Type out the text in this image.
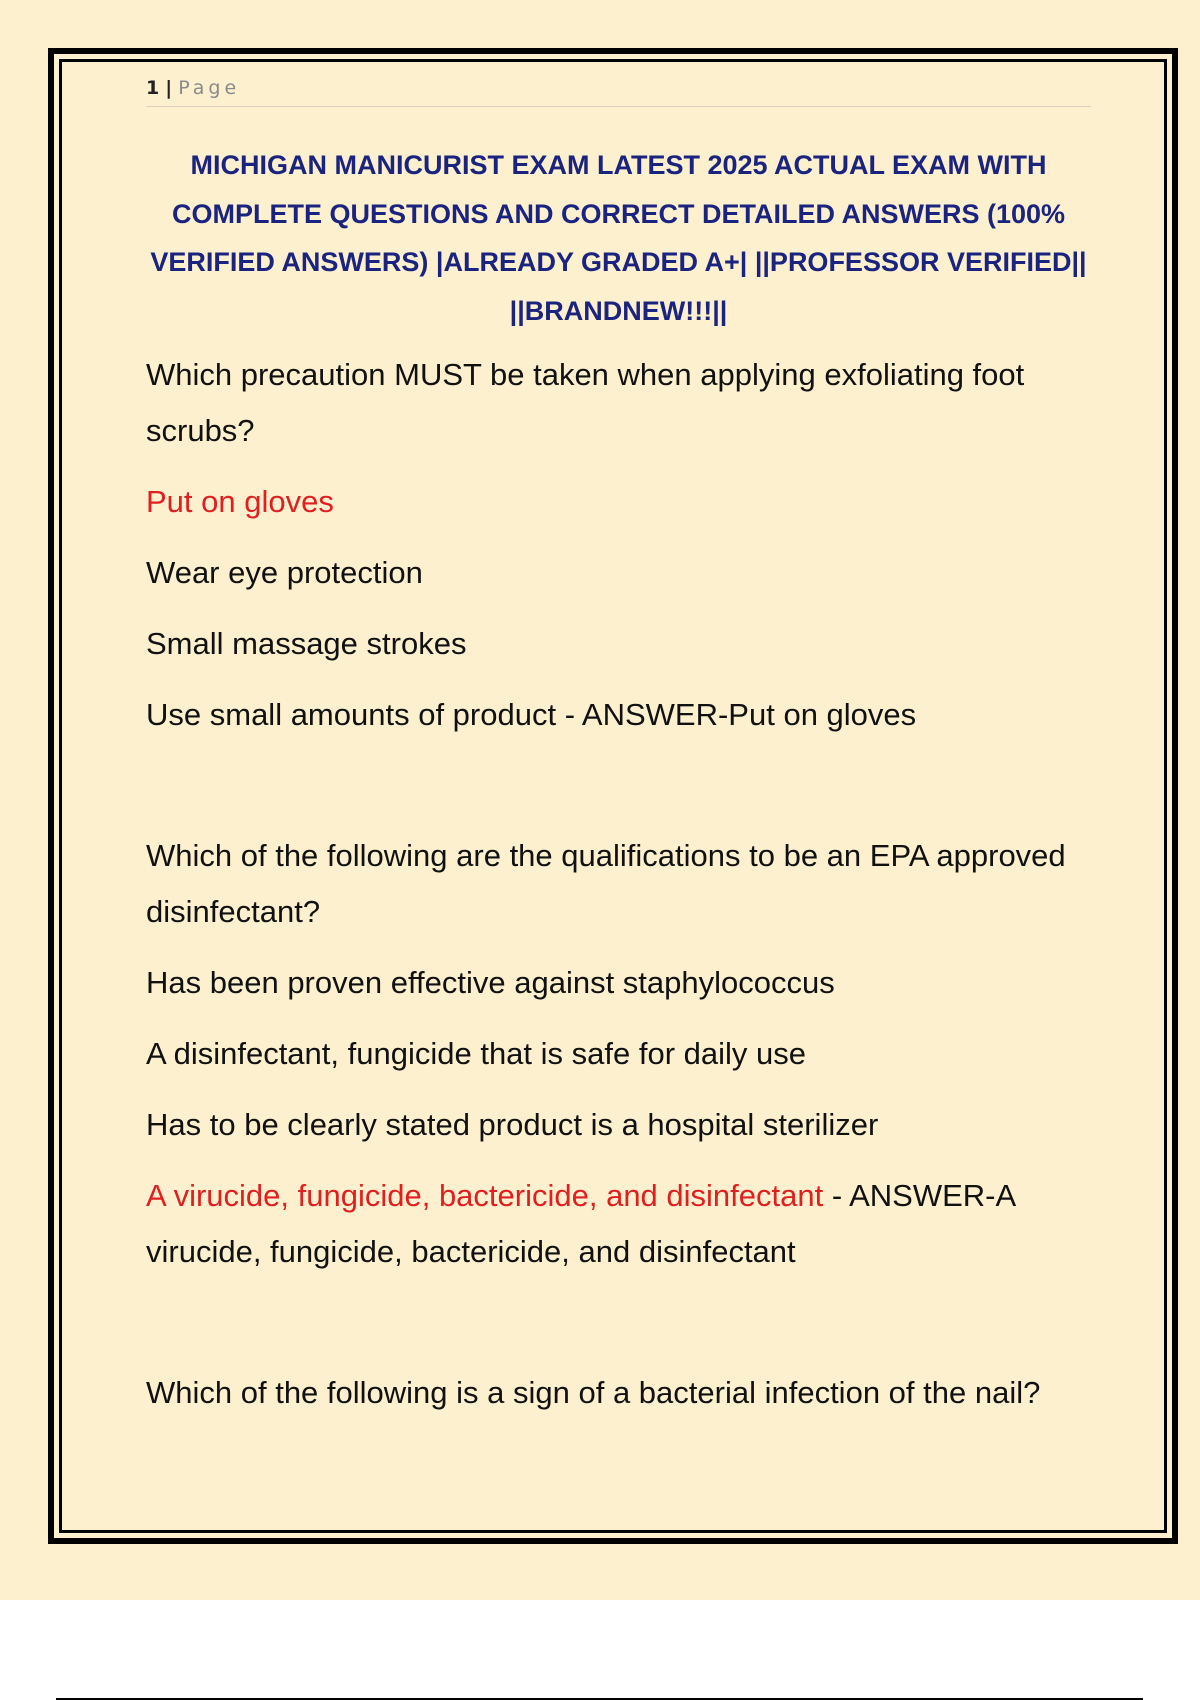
1 | Page
MICHIGAN MANICURIST EXAM LATEST 2025 ACTUAL EXAM WITH COMPLETE QUESTIONS AND CORRECT DETAILED ANSWERS (100% VERIFIED ANSWERS) |ALREADY GRADED A+| ||PROFESSOR VERIFIED|| ||BRANDNEW!!!||

Which precaution MUST be taken when applying exfoliating foot scrubs?

Put on gloves

Wear eye protection

Small massage strokes

Use small amounts of product - ANSWER-Put on gloves

Which of the following are the qualifications to be an EPA approved disinfectant?

Has been proven effective against staphylococcus

A disinfectant, fungicide that is safe for daily use

Has to be clearly stated product is a hospital sterilizer

A virucide, fungicide, bactericide, and disinfectant - ANSWER-A virucide, fungicide, bactericide, and disinfectant

Which of the following is a sign of a bacterial infection of the nail?
